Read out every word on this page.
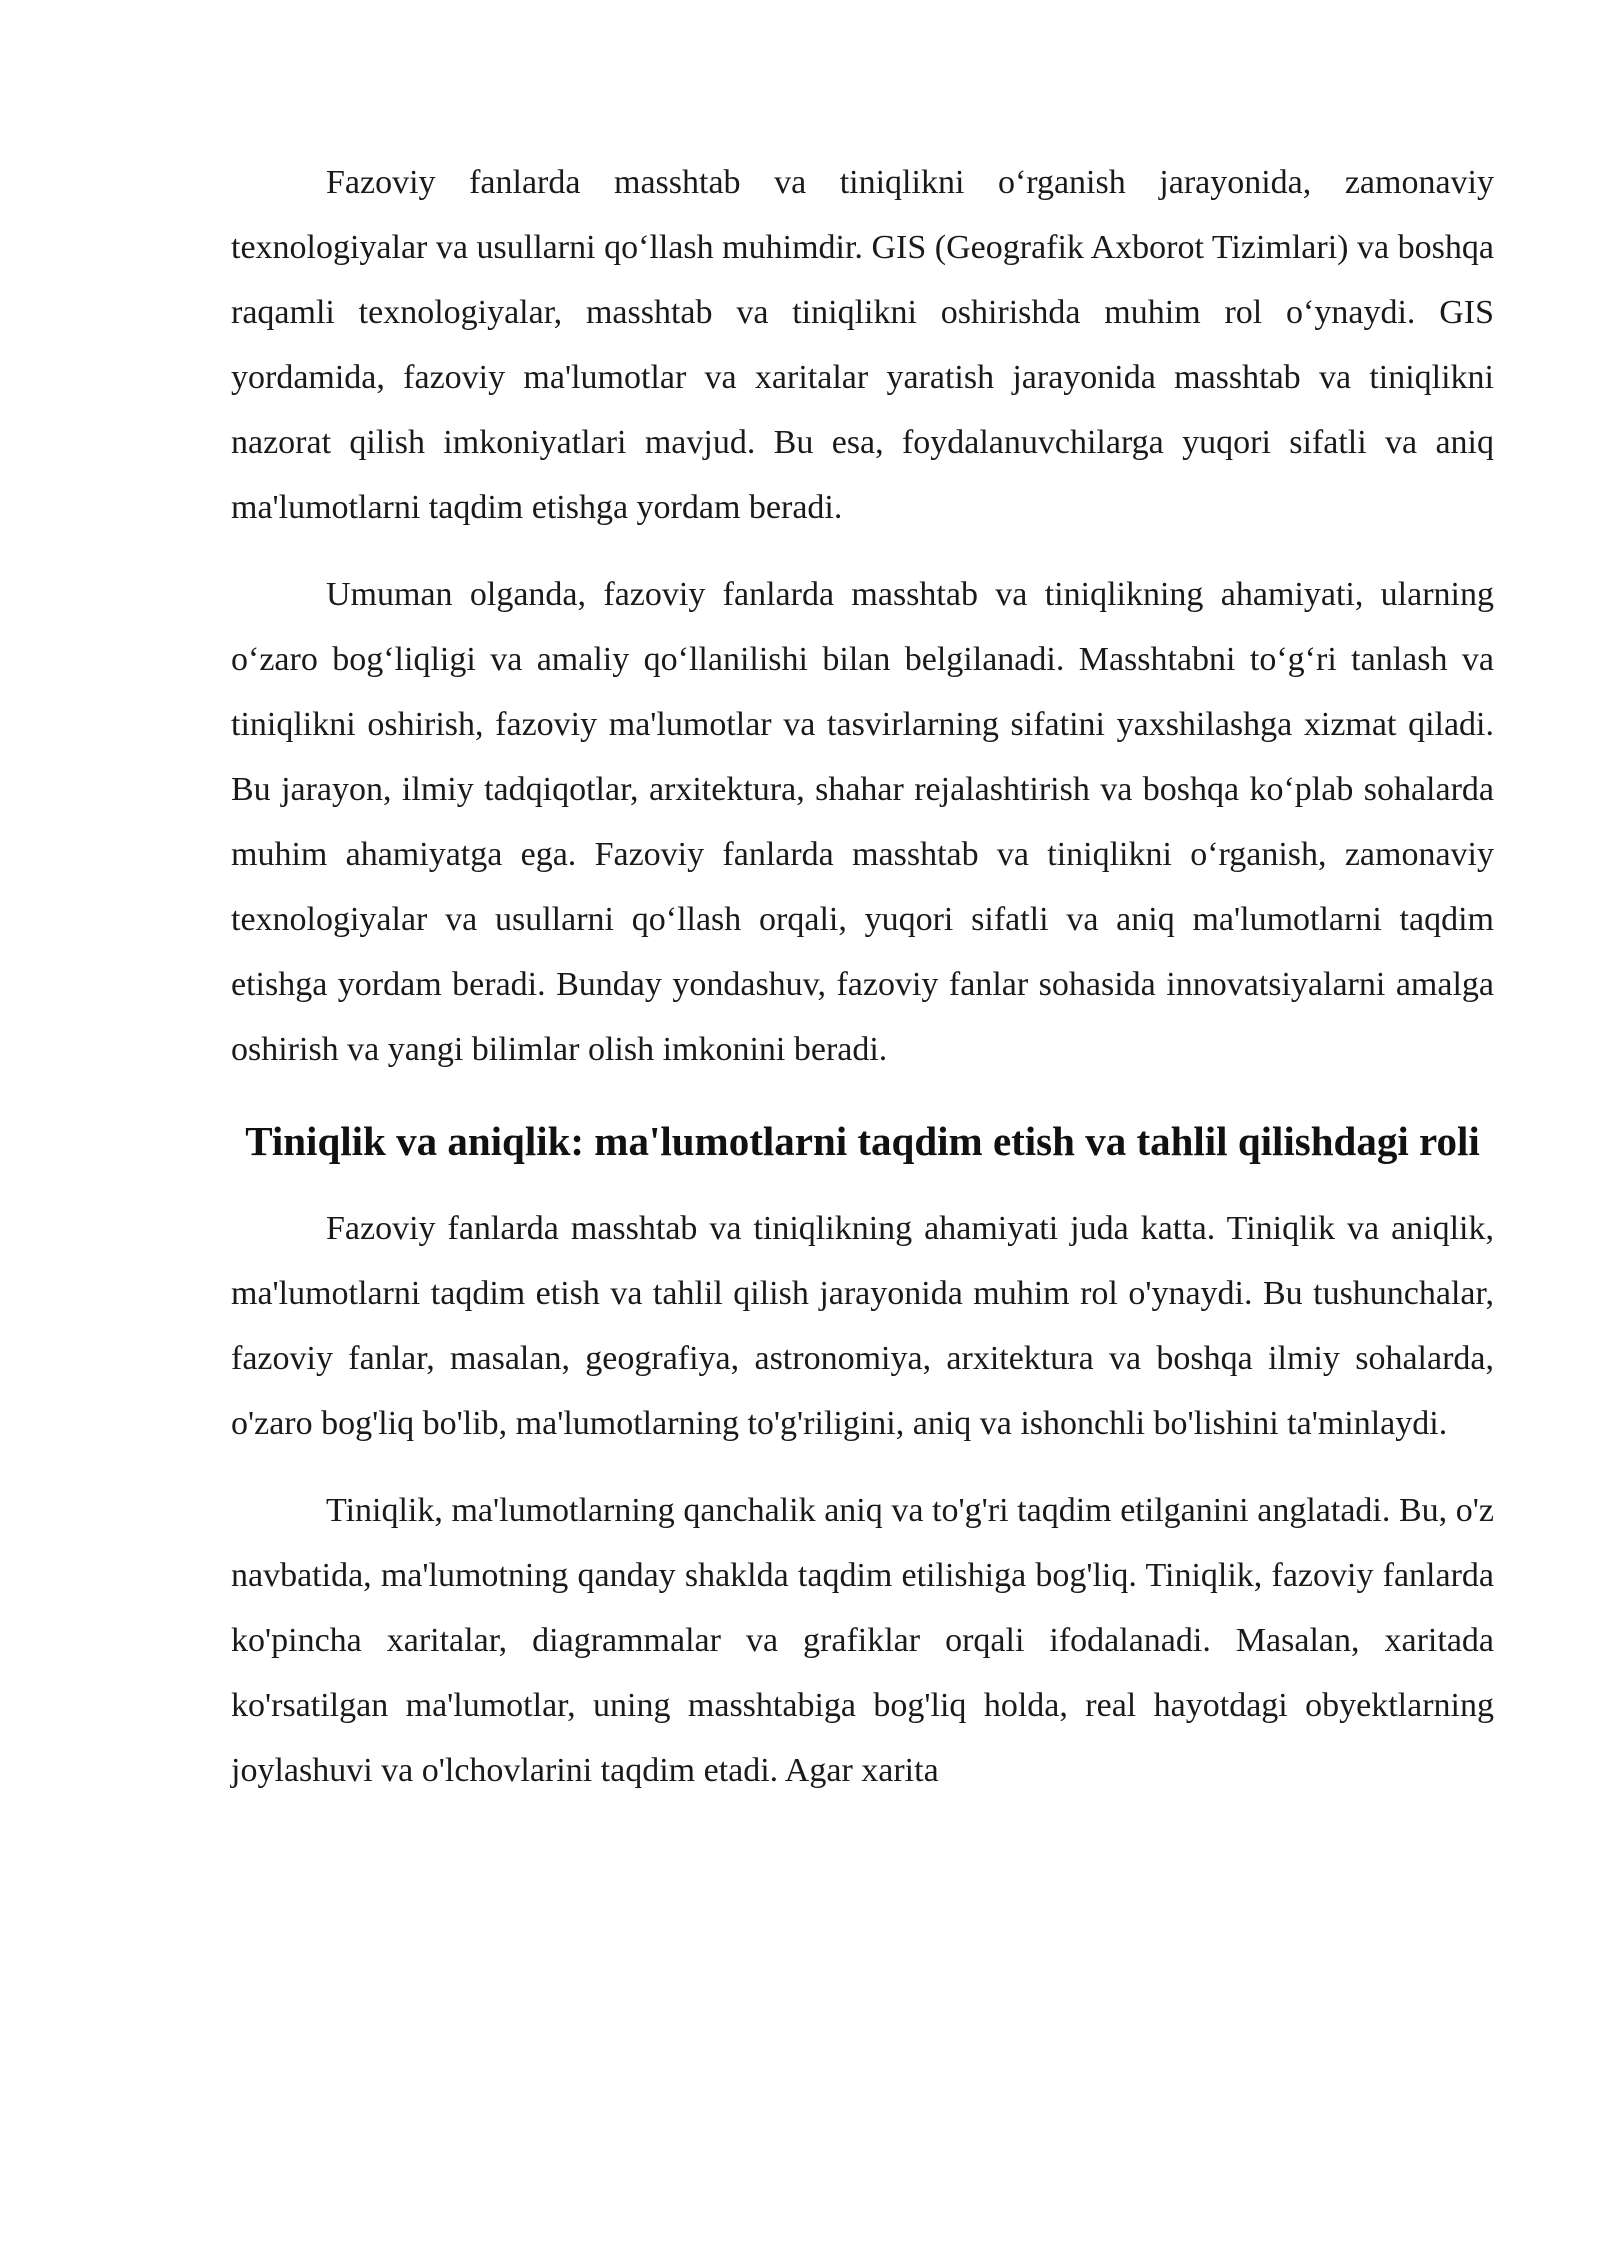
Fazoviy fanlarda masshtab va tiniqlikni o‘rganish jarayonida, zamonaviy texnologiyalar va usullarni qo‘llash muhimdir. GIS (Geografik Axborot Tizimlari) va boshqa raqamli texnologiyalar, masshtab va tiniqlikni oshirishda muhim rol o‘ynaydi. GIS yordamida, fazoviy ma'lumotlar va xaritalar yaratish jarayonida masshtab va tiniqlikni nazorat qilish imkoniyatlari mavjud. Bu esa, foydalanuvchilarga yuqori sifatli va aniq ma'lumotlarni taqdim etishga yordam beradi.

Umuman olganda, fazoviy fanlarda masshtab va tiniqlikning ahamiyati, ularning o‘zaro bog‘liqligi va amaliy qo‘llanilishi bilan belgilanadi. Masshtabni to‘g‘ri tanlash va tiniqlikni oshirish, fazoviy ma'lumotlar va tasvirlarning sifatini yaxshilashga xizmat qiladi. Bu jarayon, ilmiy tadqiqotlar, arxitektura, shahar rejalashtirish va boshqa ko‘plab sohalarda muhim ahamiyatga ega. Fazoviy fanlarda masshtab va tiniqlikni o‘rganish, zamonaviy texnologiyalar va usullarni qo‘llash orqali, yuqori sifatli va aniq ma'lumotlarni taqdim etishga yordam beradi. Bunday yondashuv, fazoviy fanlar sohasida innovatsiyalarni amalga oshirish va yangi bilimlar olish imkonini beradi.

Tiniqlik va aniqlik: ma'lumotlarni taqdim etish va tahlil qilishdagi roli

Fazoviy fanlarda masshtab va tiniqlikning ahamiyati juda katta. Tiniqlik va aniqlik, ma'lumotlarni taqdim etish va tahlil qilish jarayonida muhim rol o'ynaydi. Bu tushunchalar, fazoviy fanlar, masalan, geografiya, astronomiya, arxitektura va boshqa ilmiy sohalarda, o'zaro bog'liq bo'lib, ma'lumotlarning to'g'riligini, aniq va ishonchli bo'lishini ta'minlaydi.

Tiniqlik, ma'lumotlarning qanchalik aniq va to'g'ri taqdim etilganini anglatadi. Bu, o'z navbatida, ma'lumotning qanday shaklda taqdim etilishiga bog'liq. Tiniqlik, fazoviy fanlarda ko'pincha xaritalar, diagrammalar va grafiklar orqali ifodalanadi. Masalan, xaritada ko'rsatilgan ma'lumotlar, uning masshtabiga bog'liq holda, real hayotdagi obyektlarning joylashuvi va o'lchovlarini taqdim etadi. Agar xarita
